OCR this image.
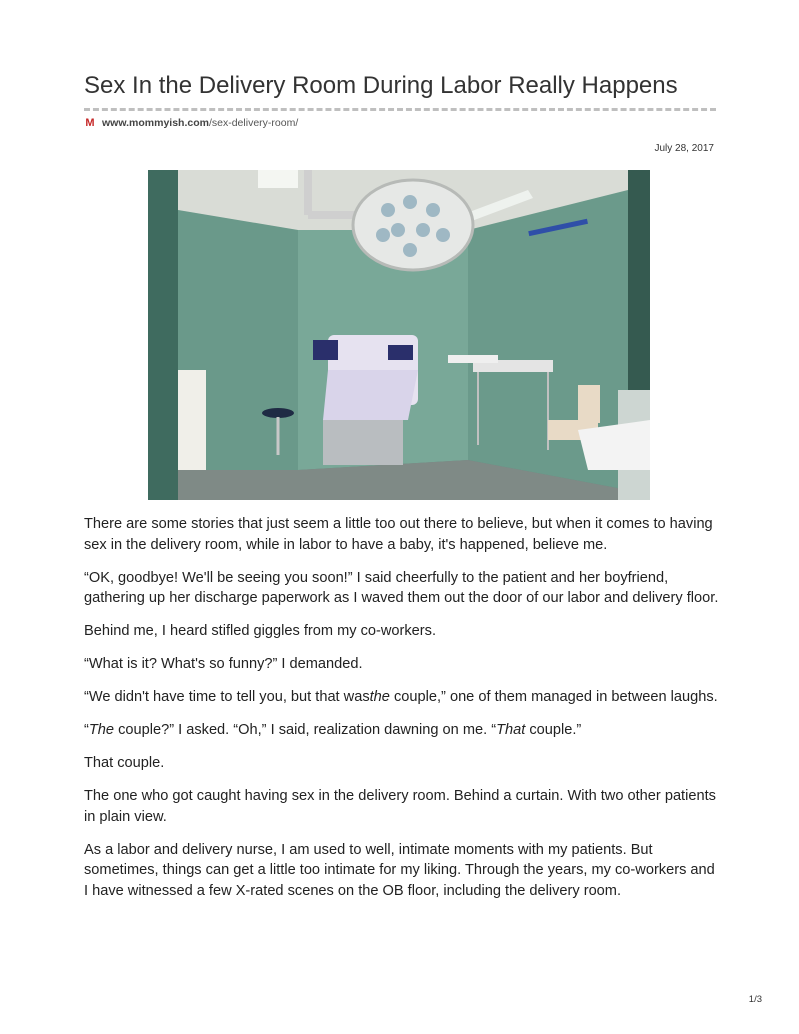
Sex In the Delivery Room During Labor Really Happens
M www.mommyish.com /sex-delivery-room/
July 28, 2017

There are some stories that just seem a little too out there to believe, but when it comes to having sex in the delivery room, while in labor to have a baby, it's happened, believe me.

“OK, goodbye! We'll be seeing you soon!” I said cheerfully to the patient and her boyfriend, gathering up her discharge paperwork as I waved them out the door of our labor and delivery floor.

Behind me, I heard stifled giggles from my co-workers.

“What is it? What's so funny?” I demanded.

“We didn't have time to tell you, but that wasthe couple,” one of them managed in between laughs.

“The couple?” I asked. “Oh,” I said, realization dawning on me. “That couple.”

That couple.

The one who got caught having sex in the delivery room. Behind a curtain. With two other patients in plain view.

As a labor and delivery nurse, I am used to well, intimate moments with my patients. But sometimes, things can get a little too intimate for my liking. Through the years, my co-workers and I have witnessed a few X-rated scenes on the OB floor, including the delivery room.

1/3
